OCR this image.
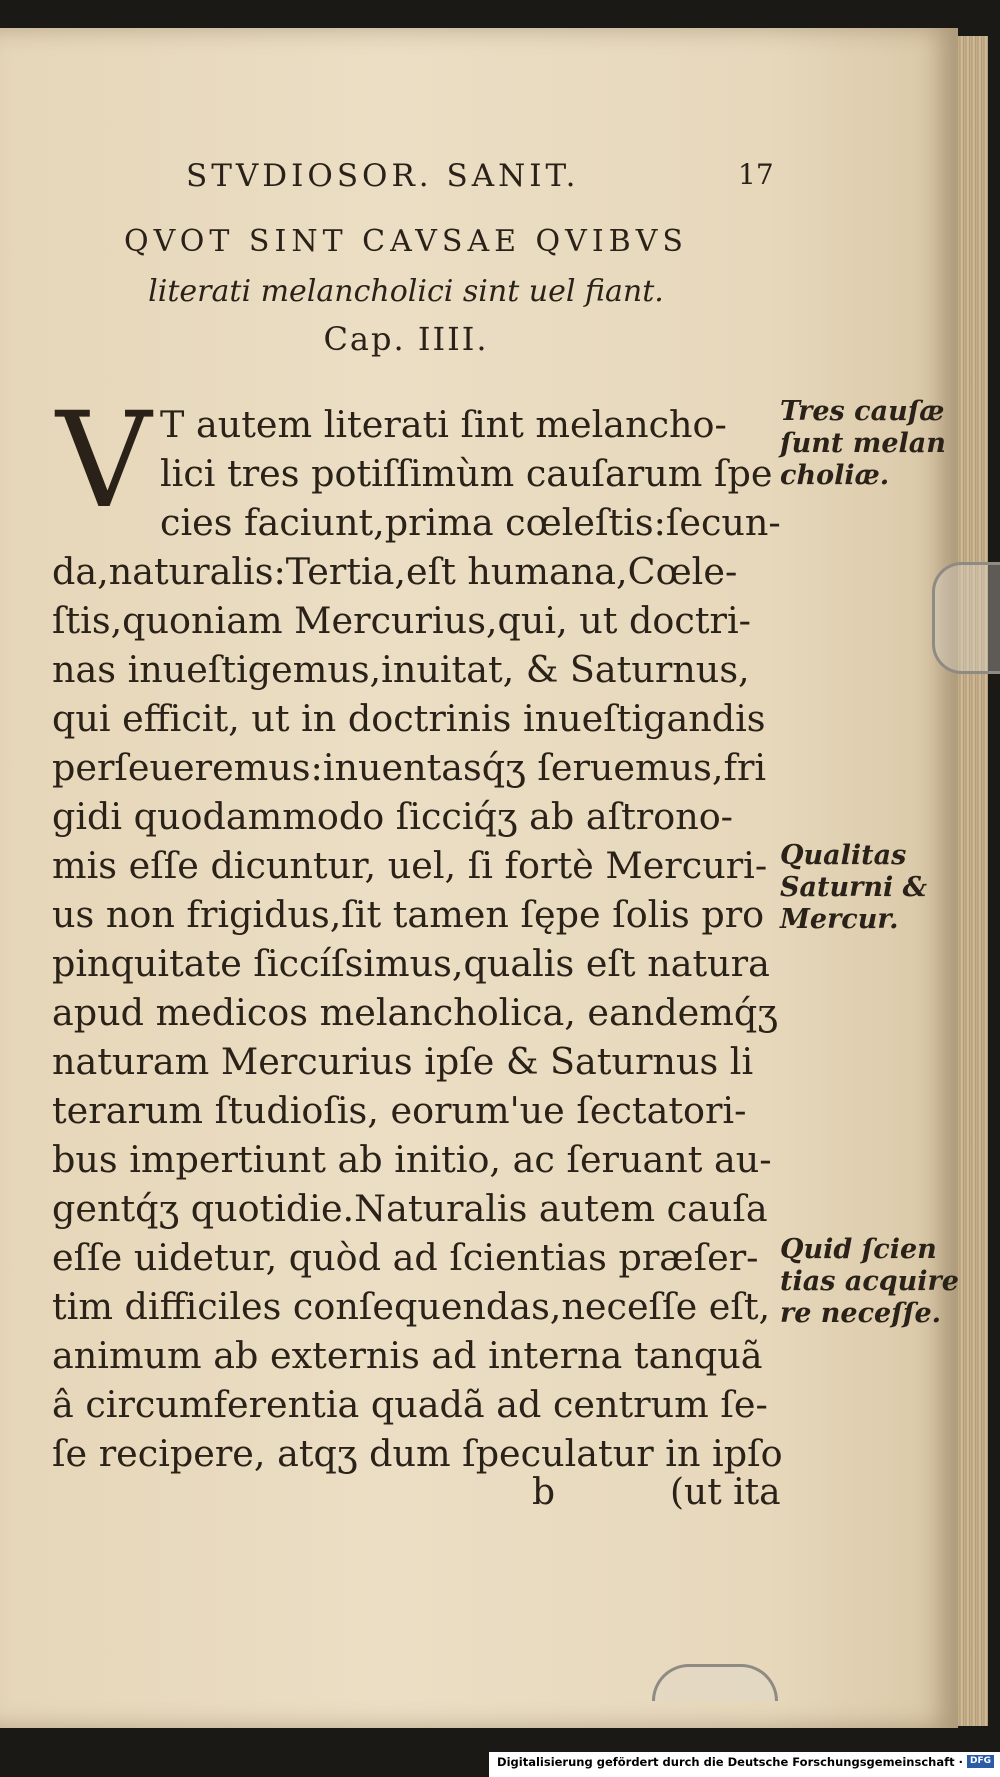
STVDIOSOR. SANIT.	17
QVOT SINT CAVSAE QVIBVS
literati melancholici sint uel fiant.
Cap. IIII.
V T autem literati ſint melancho-
lici tres potiſſimùm cauſarum ſpe
cies faciunt,prima cœleſtis:ſecun-
da,naturalis:Tertia,eſt humana,Cœle-
ſtis,quoniam Mercurius,qui, ut doctri-
nas inueſtigemus,inuitat, & Saturnus,
qui efficit, ut in doctrinis inueſtigandis
perſeueremus:inuentasq́ʒ ſeruemus,fri
gidi quodammodo ſicciq́ʒ ab aſtrono-
mis eſſe dicuntur, uel, ſi fortè Mercuri-
us non frigidus,ſit tamen ſępe ſolis pro
pinquitate ſiccíſsimus,qualis eſt natura
apud medicos melancholica, eandemq́ʒ
naturam Mercurius ipſe & Saturnus li
terarum ſtudioſis, eorum'ue ſectatori-
bus impertiunt ab initio, ac ſeruant au-
gentq́ʒ quotidie.Naturalis autem cauſa
eſſe uidetur, quòd ad ſcientias præſer-
tim difficiles conſequendas,neceſſe eſt,
animum ab externis ad interna tanquã
â circumferentia quadã ad centrum ſe-
ſe recipere, atqʒ dum ſpeculatur in ipſo
b	(ut ita
Tres cauſæ
ſunt melan
choliæ.
Qualitas
Saturni &
Mercur.
Quid ſcien
tias acquire
re neceſſe.
Digitalisierung gefördert durch die Deutsche Forschungsgemeinschaft · DFG
